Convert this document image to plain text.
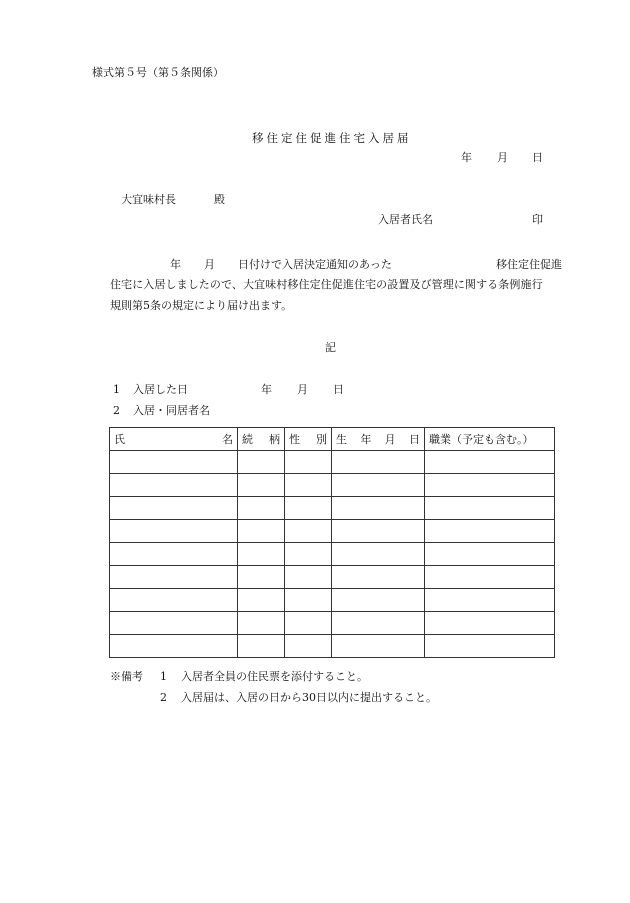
様式第５号（第５条関係）
移住定住促進住宅入居届
年 月 日
大宜味村長	殿
入居者氏名	印
年 月 日付けで入居決定通知のあった	移住定住促進
住宅に入居しましたので、大宜味村移住定住促進住宅の設置及び管理に関する条例施行
規則第5条の規定により届け出ます。
記
1 入居した日	年 月 日
2 入居・同居者名
氏 名	続 柄	性 別	生 年 月 日	職業（予定も含む。）

※備考 1 入居者全員の住民票を添付すること。
2 入居届は、入居の日から30日以内に提出すること。
